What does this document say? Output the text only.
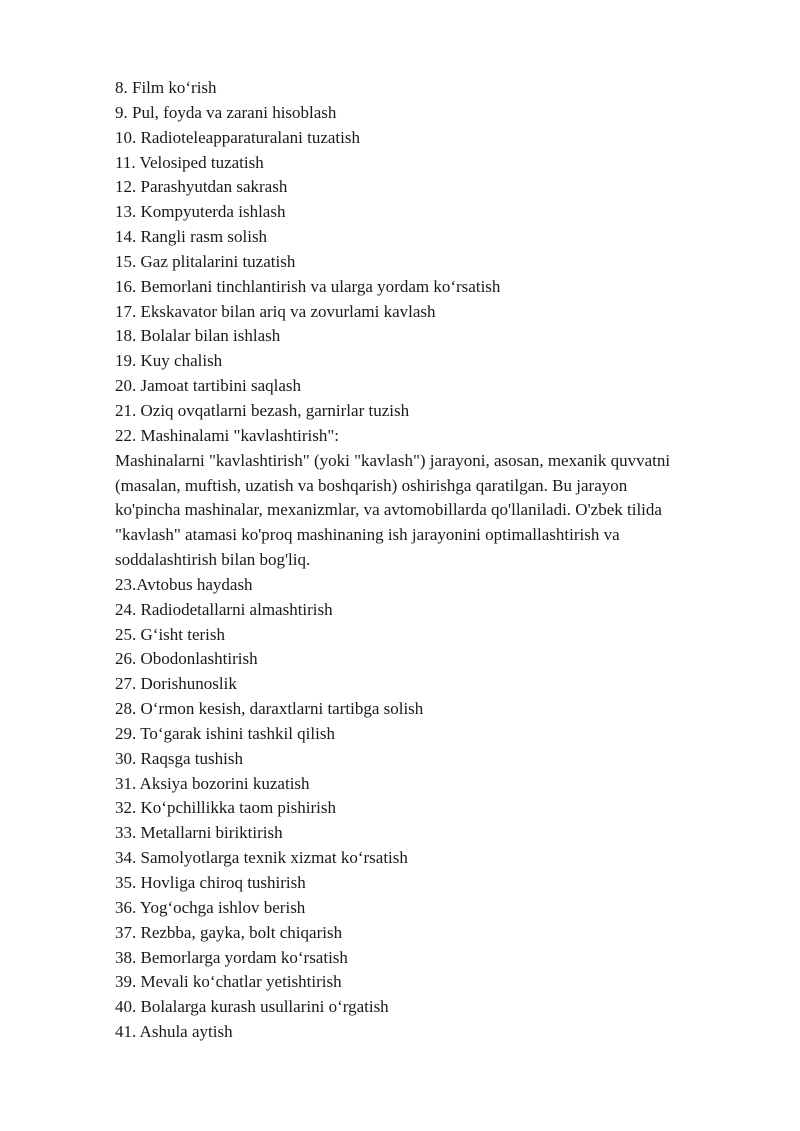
8. Film koʻrish
9. Pul, foyda va zarani hisoblash
10. Radioteleapparaturalani tuzatish
11. Velosiped tuzatish
12. Parashyutdan sakrash
13. Kompyuterda ishlash
14. Rangli rasm solish
15. Gaz plitalarini tuzatish
16. Bemorlani tinchlantirish va ularga yordam koʻrsatish
17. Ekskavator bilan ariq va zovurlami kavlash
18. Bolalar bilan ishlash
19. Kuy chalish
20. Jamoat tartibini saqlash
21. Oziq ovqatlarni bezash, garnirlar tuzish
22. Mashinalami "kavlashtirish":
Mashinalarni "kavlashtirish" (yoki "kavlash") jarayoni, asosan, mexanik quvvatni
(masalan, muftish, uzatish va boshqarish) oshirishga qaratilgan. Bu jarayon
ko'pincha mashinalar, mexanizmlar, va avtomobillarda qo'llaniladi. O'zbek tilida
"kavlash" atamasi ko'proq mashinaning ish jarayonini optimallashtirish va
soddalashtirish bilan bog'liq.
23.Avtobus haydash
24. Radiodetallarni almashtirish
25. Gʻisht terish
26. Obodonlashtirish
27. Dorishunoslik
28. Oʻrmon kesish, daraxtlarni tartibga solish
29. Toʻgarak ishini tashkil qilish
30. Raqsga tushish
31. Aksiya bozorini kuzatish
32. Koʻpchillikka taom pishirish
33. Metallarni biriktirish
34. Samolyotlarga texnik xizmat koʻrsatish
35. Hovliga chiroq tushirish
36. Yogʻochga ishlov berish
37. Rezbba, gayka, bolt chiqarish
38. Bemorlarga yordam koʻrsatish
39. Mevali koʻchatlar yetishtirish
40. Bolalarga kurash usullarini oʻrgatish
41. Ashula aytish
